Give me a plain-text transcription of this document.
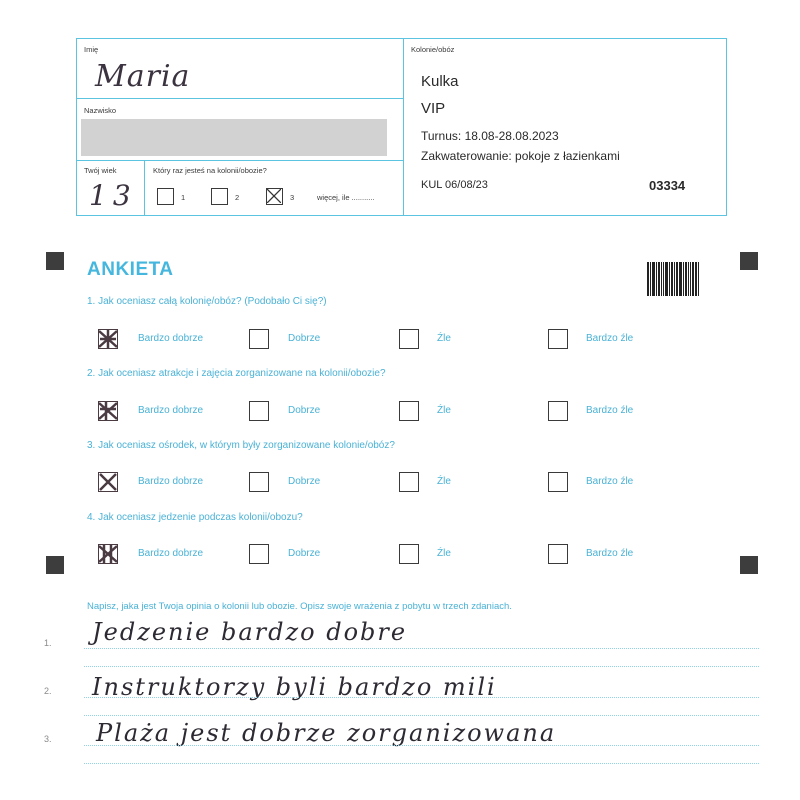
Imię
Maria
Nazwisko
Twój wiek
13
Który raz jesteś na kolonii/obozie?
1	2	3	więcej, ile ...........
Kolonie/obóz
Kulka
VIP
Turnus: 18.08-28.08.2023
Zakwaterowanie: pokoje z łazienkami
KUL 06/08/23	03334
ANKIETA
1. Jak oceniasz całą kolonię/obóz? (Podobało Ci się?)
2. Jak oceniasz atrakcje i zajęcia zorganizowane na kolonii/obozie?
3. Jak oceniasz ośrodek, w którym były zorganizowane kolonie/obóz?
4. Jak oceniasz jedzenie podczas kolonii/obozu?
Bardzo dobrze	Dobrze	Źle	Bardzo źle
Bardzo dobrze	Dobrze	Źle	Bardzo źle
Bardzo dobrze	Dobrze	Źle	Bardzo źle
Bardzo dobrze	Dobrze	Źle	Bardzo źle
Napisz, jaka jest Twoja opinia o kolonii lub obozie. Opisz swoje wrażenia z pobytu w trzech zdaniach.
1. Jedzenie bardzo dobre
2. Instruktorzy byli bardzo mili
3. Plaża jest dobrze zorganizowana
